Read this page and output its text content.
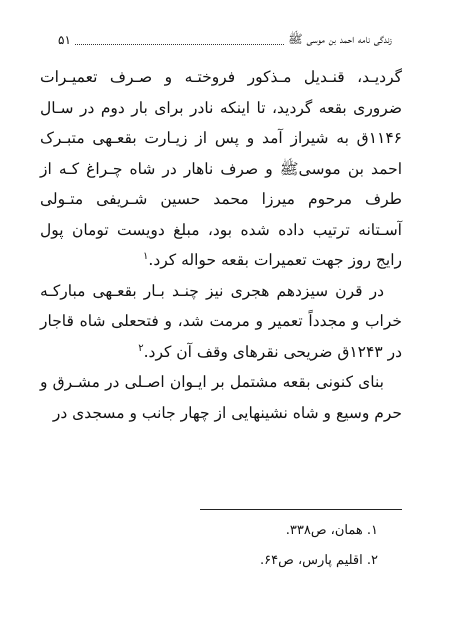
زندگی نامه احمد بن موسی ﷺ
۵۱

گردیـد، قنـدیل مـذکور فروختـه و صـرف تعمیـرات ضروری بقعه گردید، تا اینکه نادر برای بار دوم در سـال ۱۱۴۶ق به شیراز آمد و پس از زیـارت بقعـهی متبـرک احمد بن موسیﷺ و صرف ناهار در شاه چـراغ کـه از طرف مرحوم میرزا محمد حسین شـریفی متـولی آسـتانه ترتیب داده شده بود، مبلغ دویست تومان پول رایج روز جهت تعمیرات بقعه حواله کرد.$^۱$

در قرن سیزدهم هجری نیز چنـد بـار بقعـهی مبارکـه خراب و مجدداً تعمیر و مرمت شد، و فتحعلی شاه قاجار در ۱۲۴۳ق ضریحی نقرهای وقف آن کرد.$^۲$

بنای کنونی بقعه مشتمل بر ایـوان اصـلی در مشـرق و حرم وسیع و شاه نشینهایی از چهار جانب و مسجدی در

۱. همان، ص۳۳۸.
۲. اقلیم پارس، ص۶۴.
